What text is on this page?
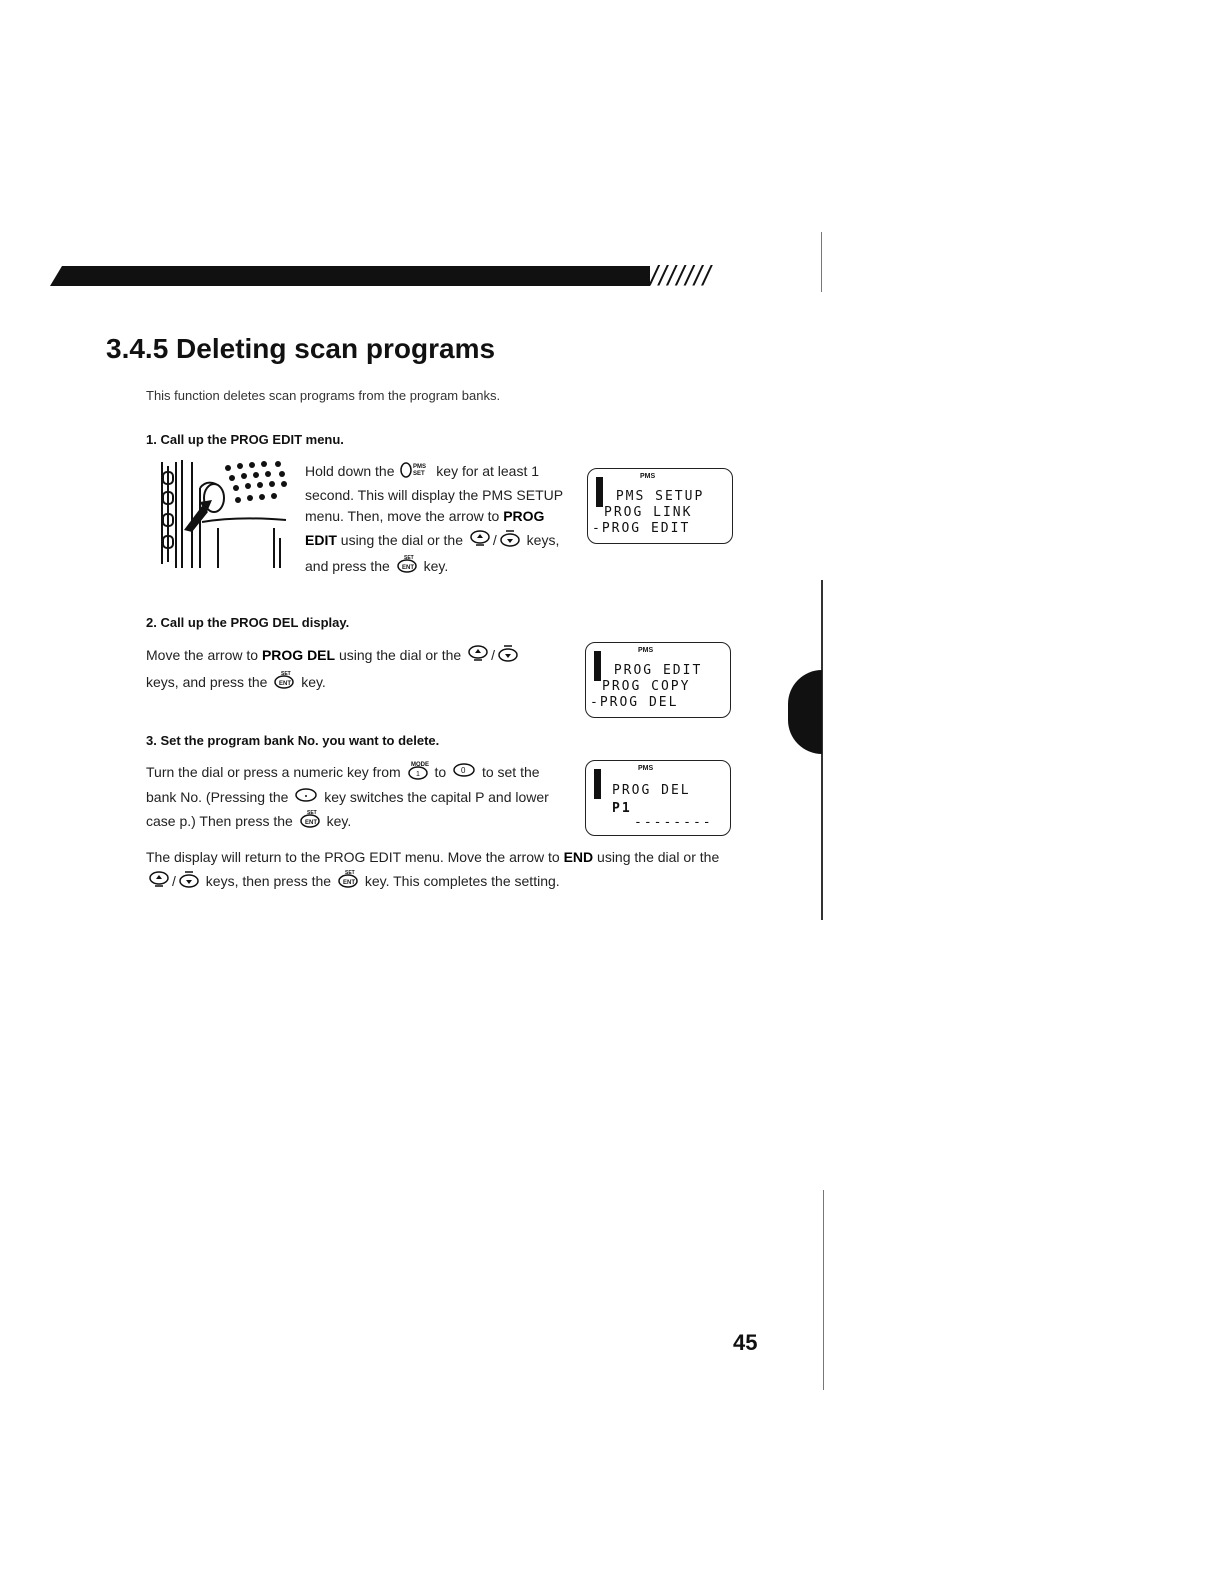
///////
3.4.5 Deleting scan programs
This function deletes scan programs from the program banks.
1. Call up the PROG EDIT menu.
Hold down the	PMS
SET key for at least 1 second. This will display the PMS SETUP menu. Then, move the arrow to PROG EDIT using the dial or the / keys, and press the ENT
SET key.
PMS
PMS SETUP
PROG LINK
-PROG EDIT
2. Call up the PROG DEL display.
Move the arrow to PROG DEL using the dial or the / keys, and press the ENT
SET key.
PMS
PROG EDIT
PROG COPY
-PROG DEL
3. Set the program bank No. you want to delete.
Turn the dial or press a numeric key from MODE
1 to 0 to set the bank No. (Pressing the	key switches the capital P and lower case p.) Then press the ENT
SET key.
PMS
PROG DEL
P1
--------
The display will return to the PROG EDIT menu. Move the arrow to END using the dial or the / keys, then press the ENT
SET key. This completes the setting.
45
